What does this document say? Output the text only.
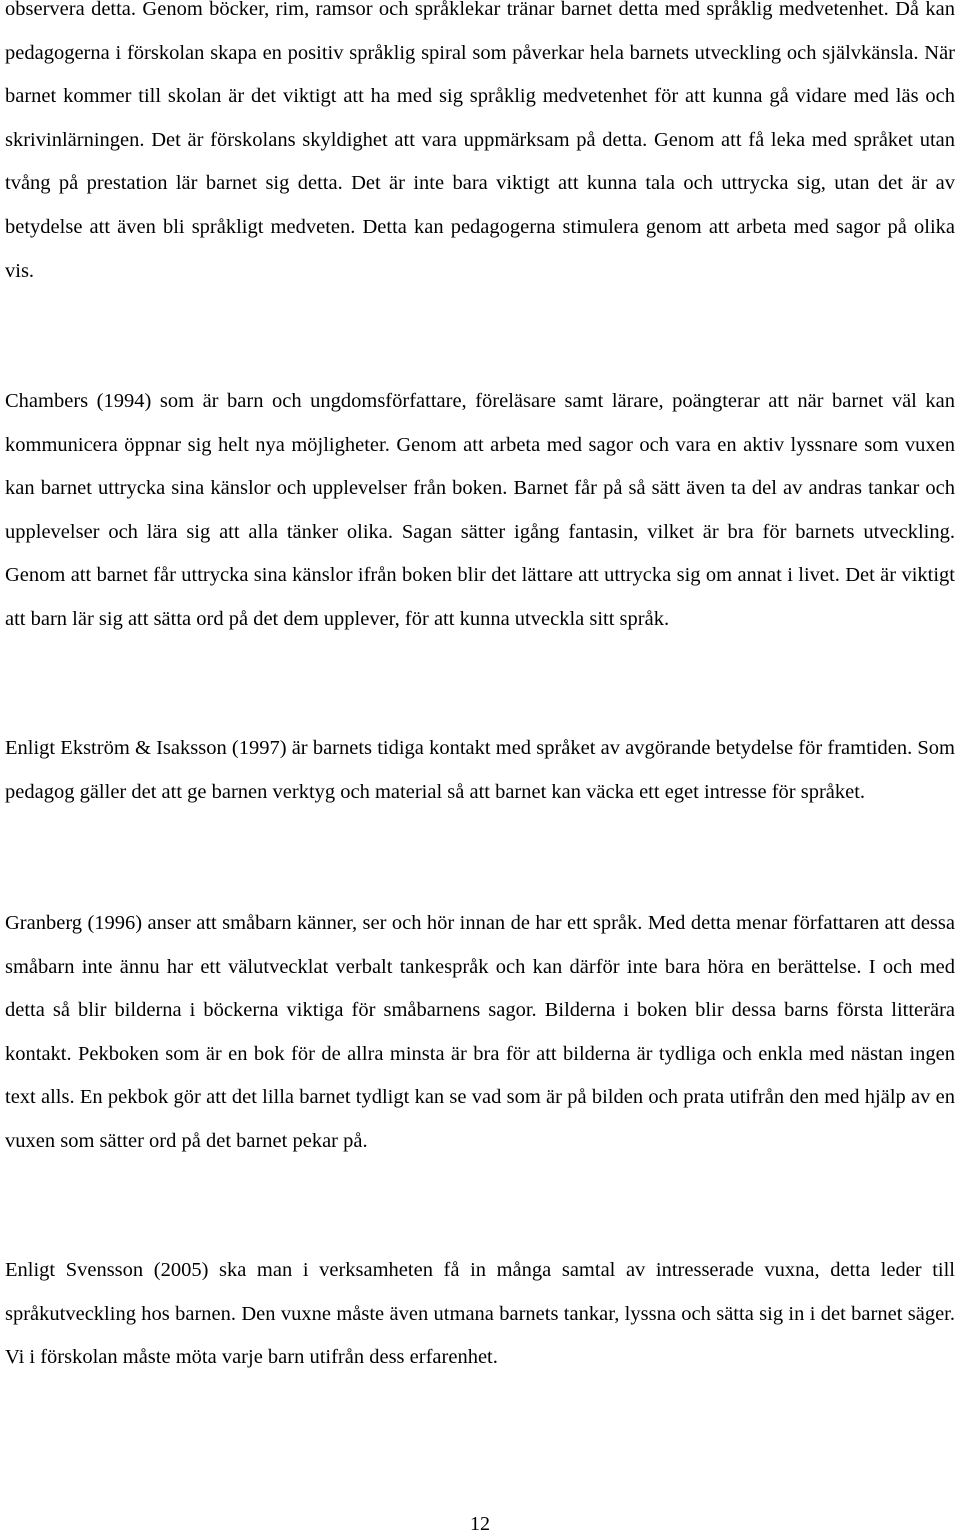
observera detta. Genom böcker, rim, ramsor och språklekar tränar barnet detta med språklig medvetenhet. Då kan pedagogerna i förskolan skapa en positiv språklig spiral som påverkar hela barnets utveckling och självkänsla. När barnet kommer till skolan är det viktigt att ha med sig språklig medvetenhet för att kunna gå vidare med läs och skrivinlärningen. Det är förskolans skyldighet att vara uppmärksam på detta. Genom att få leka med språket utan tvång på prestation lär barnet sig detta. Det är inte bara viktigt att kunna tala och uttrycka sig, utan det är av betydelse att även bli språkligt medveten. Detta kan pedagogerna stimulera genom att arbeta med sagor på olika vis.

Chambers (1994) som är barn och ungdomsförfattare, föreläsare samt lärare, poängterar att när barnet väl kan kommunicera öppnar sig helt nya möjligheter. Genom att arbeta med sagor och vara en aktiv lyssnare som vuxen kan barnet uttrycka sina känslor och upplevelser från boken. Barnet får på så sätt även ta del av andras tankar och upplevelser och lära sig att alla tänker olika. Sagan sätter igång fantasin, vilket är bra för barnets utveckling. Genom att barnet får uttrycka sina känslor ifrån boken blir det lättare att uttrycka sig om annat i livet. Det är viktigt att barn lär sig att sätta ord på det dem upplever, för att kunna utveckla sitt språk.

Enligt Ekström & Isaksson (1997) är barnets tidiga kontakt med språket av avgörande betydelse för framtiden. Som pedagog gäller det att ge barnen verktyg och material så att barnet kan väcka ett eget intresse för språket.

Granberg (1996) anser att småbarn känner, ser och hör innan de har ett språk. Med detta menar författaren att dessa småbarn inte ännu har ett välutvecklat verbalt tankespråk och kan därför inte bara höra en berättelse. I och med detta så blir bilderna i böckerna viktiga för småbarnens sagor. Bilderna i boken blir dessa barns första litterära kontakt. Pekboken som är en bok för de allra minsta är bra för att bilderna är tydliga och enkla med nästan ingen text alls. En pekbok gör att det lilla barnet tydligt kan se vad som är på bilden och prata utifrån den med hjälp av en vuxen som sätter ord på det barnet pekar på.

Enligt Svensson (2005) ska man i verksamheten få in många samtal av intresserade vuxna, detta leder till språkutveckling hos barnen. Den vuxne måste även utmana barnets tankar, lyssna och sätta sig in i det barnet säger. Vi i förskolan måste möta varje barn utifrån dess erfarenhet.

12
